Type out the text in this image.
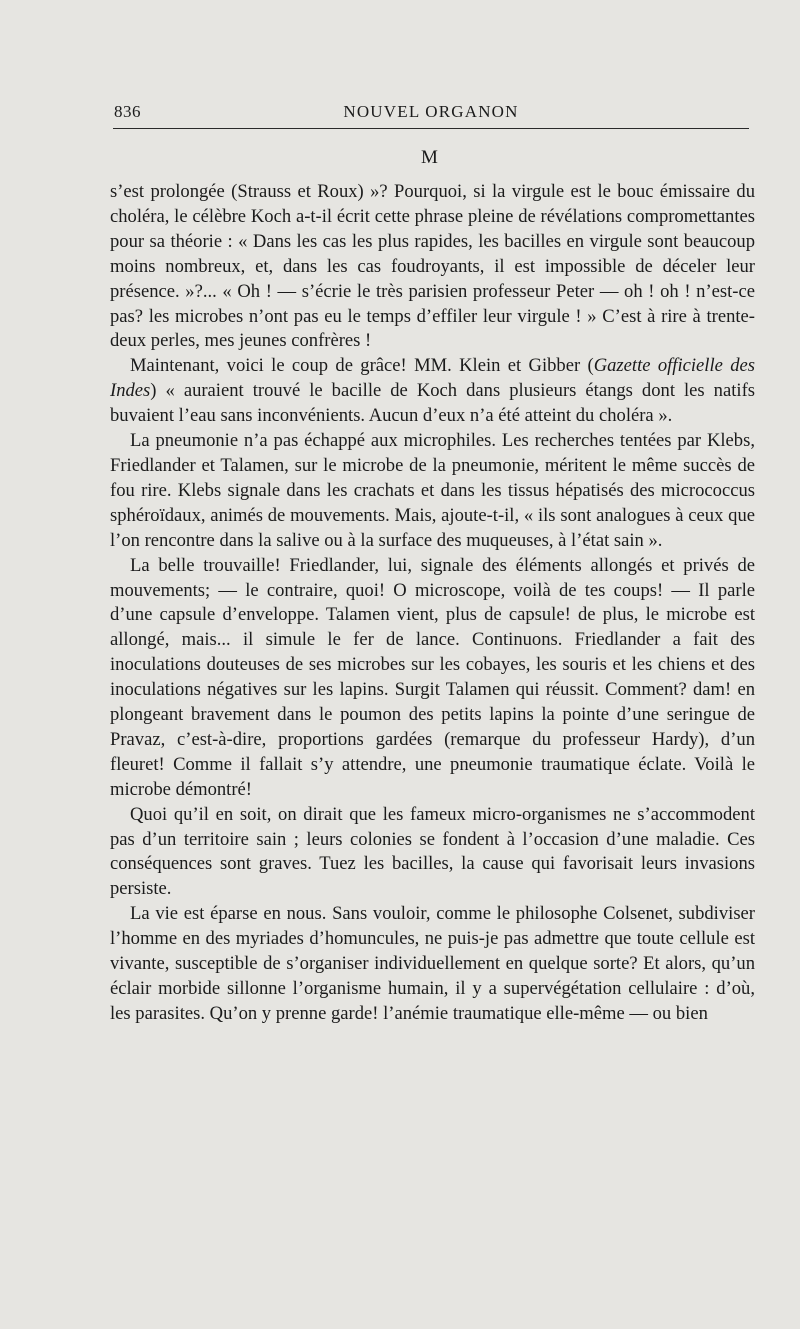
836	NOUVEL ORGANON
M

s’est prolongée (Strauss et Roux) »? Pourquoi, si la virgule est le bouc émissaire du choléra, le célèbre Koch a-t-il écrit cette phrase pleine de révélations compromettantes pour sa théorie : « Dans les cas les plus rapides, les bacilles en virgule sont beaucoup moins nombreux, et, dans les cas foudroyants, il est impossible de déceler leur présence. »?... « Oh ! — s’écrie le très parisien professeur Peter — oh ! oh ! n’est-ce pas? les microbes n’ont pas eu le temps d’effiler leur virgule ! » C’est à rire à trente-deux perles, mes jeunes confrères !

Maintenant, voici le coup de grâce! MM. Klein et Gibber (Gazette officielle des Indes) « auraient trouvé le bacille de Koch dans plusieurs étangs dont les natifs buvaient l’eau sans inconvénients. Aucun d’eux n’a été atteint du choléra ».

La pneumonie n’a pas échappé aux microphiles. Les recherches tentées par Klebs, Friedlander et Talamen, sur le microbe de la pneumonie, méritent le même succès de fou rire. Klebs signale dans les crachats et dans les tissus hépatisés des micrococcus sphéroïdaux, animés de mouvements. Mais, ajoute-t-il, « ils sont analogues à ceux que l’on rencontre dans la salive ou à la surface des muqueuses, à l’état sain ».

La belle trouvaille! Friedlander, lui, signale des éléments allongés et privés de mouvements; — le contraire, quoi! O microscope, voilà de tes coups! — Il parle d’une capsule d’enveloppe. Talamen vient, plus de capsule! de plus, le microbe est allongé, mais... il simule le fer de lance. Continuons. Friedlander a fait des inoculations douteuses de ses microbes sur les cobayes, les souris et les chiens et des inoculations négatives sur les lapins. Surgit Talamen qui réussit. Comment? dam! en plongeant bravement dans le poumon des petits lapins la pointe d’une seringue de Pravaz, c’est-à-dire, proportions gardées (remarque du professeur Hardy), d’un fleuret! Comme il fallait s’y attendre, une pneumonie traumatique éclate. Voilà le microbe démontré!

Quoi qu’il en soit, on dirait que les fameux micro-organismes ne s’accommodent pas d’un territoire sain ; leurs colonies se fondent à l’occasion d’une maladie. Ces conséquences sont graves. Tuez les bacilles, la cause qui favorisait leurs invasions persiste.

La vie est éparse en nous. Sans vouloir, comme le philosophe Colsenet, subdiviser l’homme en des myriades d’homuncules, ne puis-je pas admettre que toute cellule est vivante, susceptible de s’organiser individuellement en quelque sorte? Et alors, qu’un éclair morbide sillonne l’organisme humain, il y a supervégétation cellulaire : d’où, les parasites. Qu’on y prenne garde! l’anémie traumatique elle-même — ou bien
